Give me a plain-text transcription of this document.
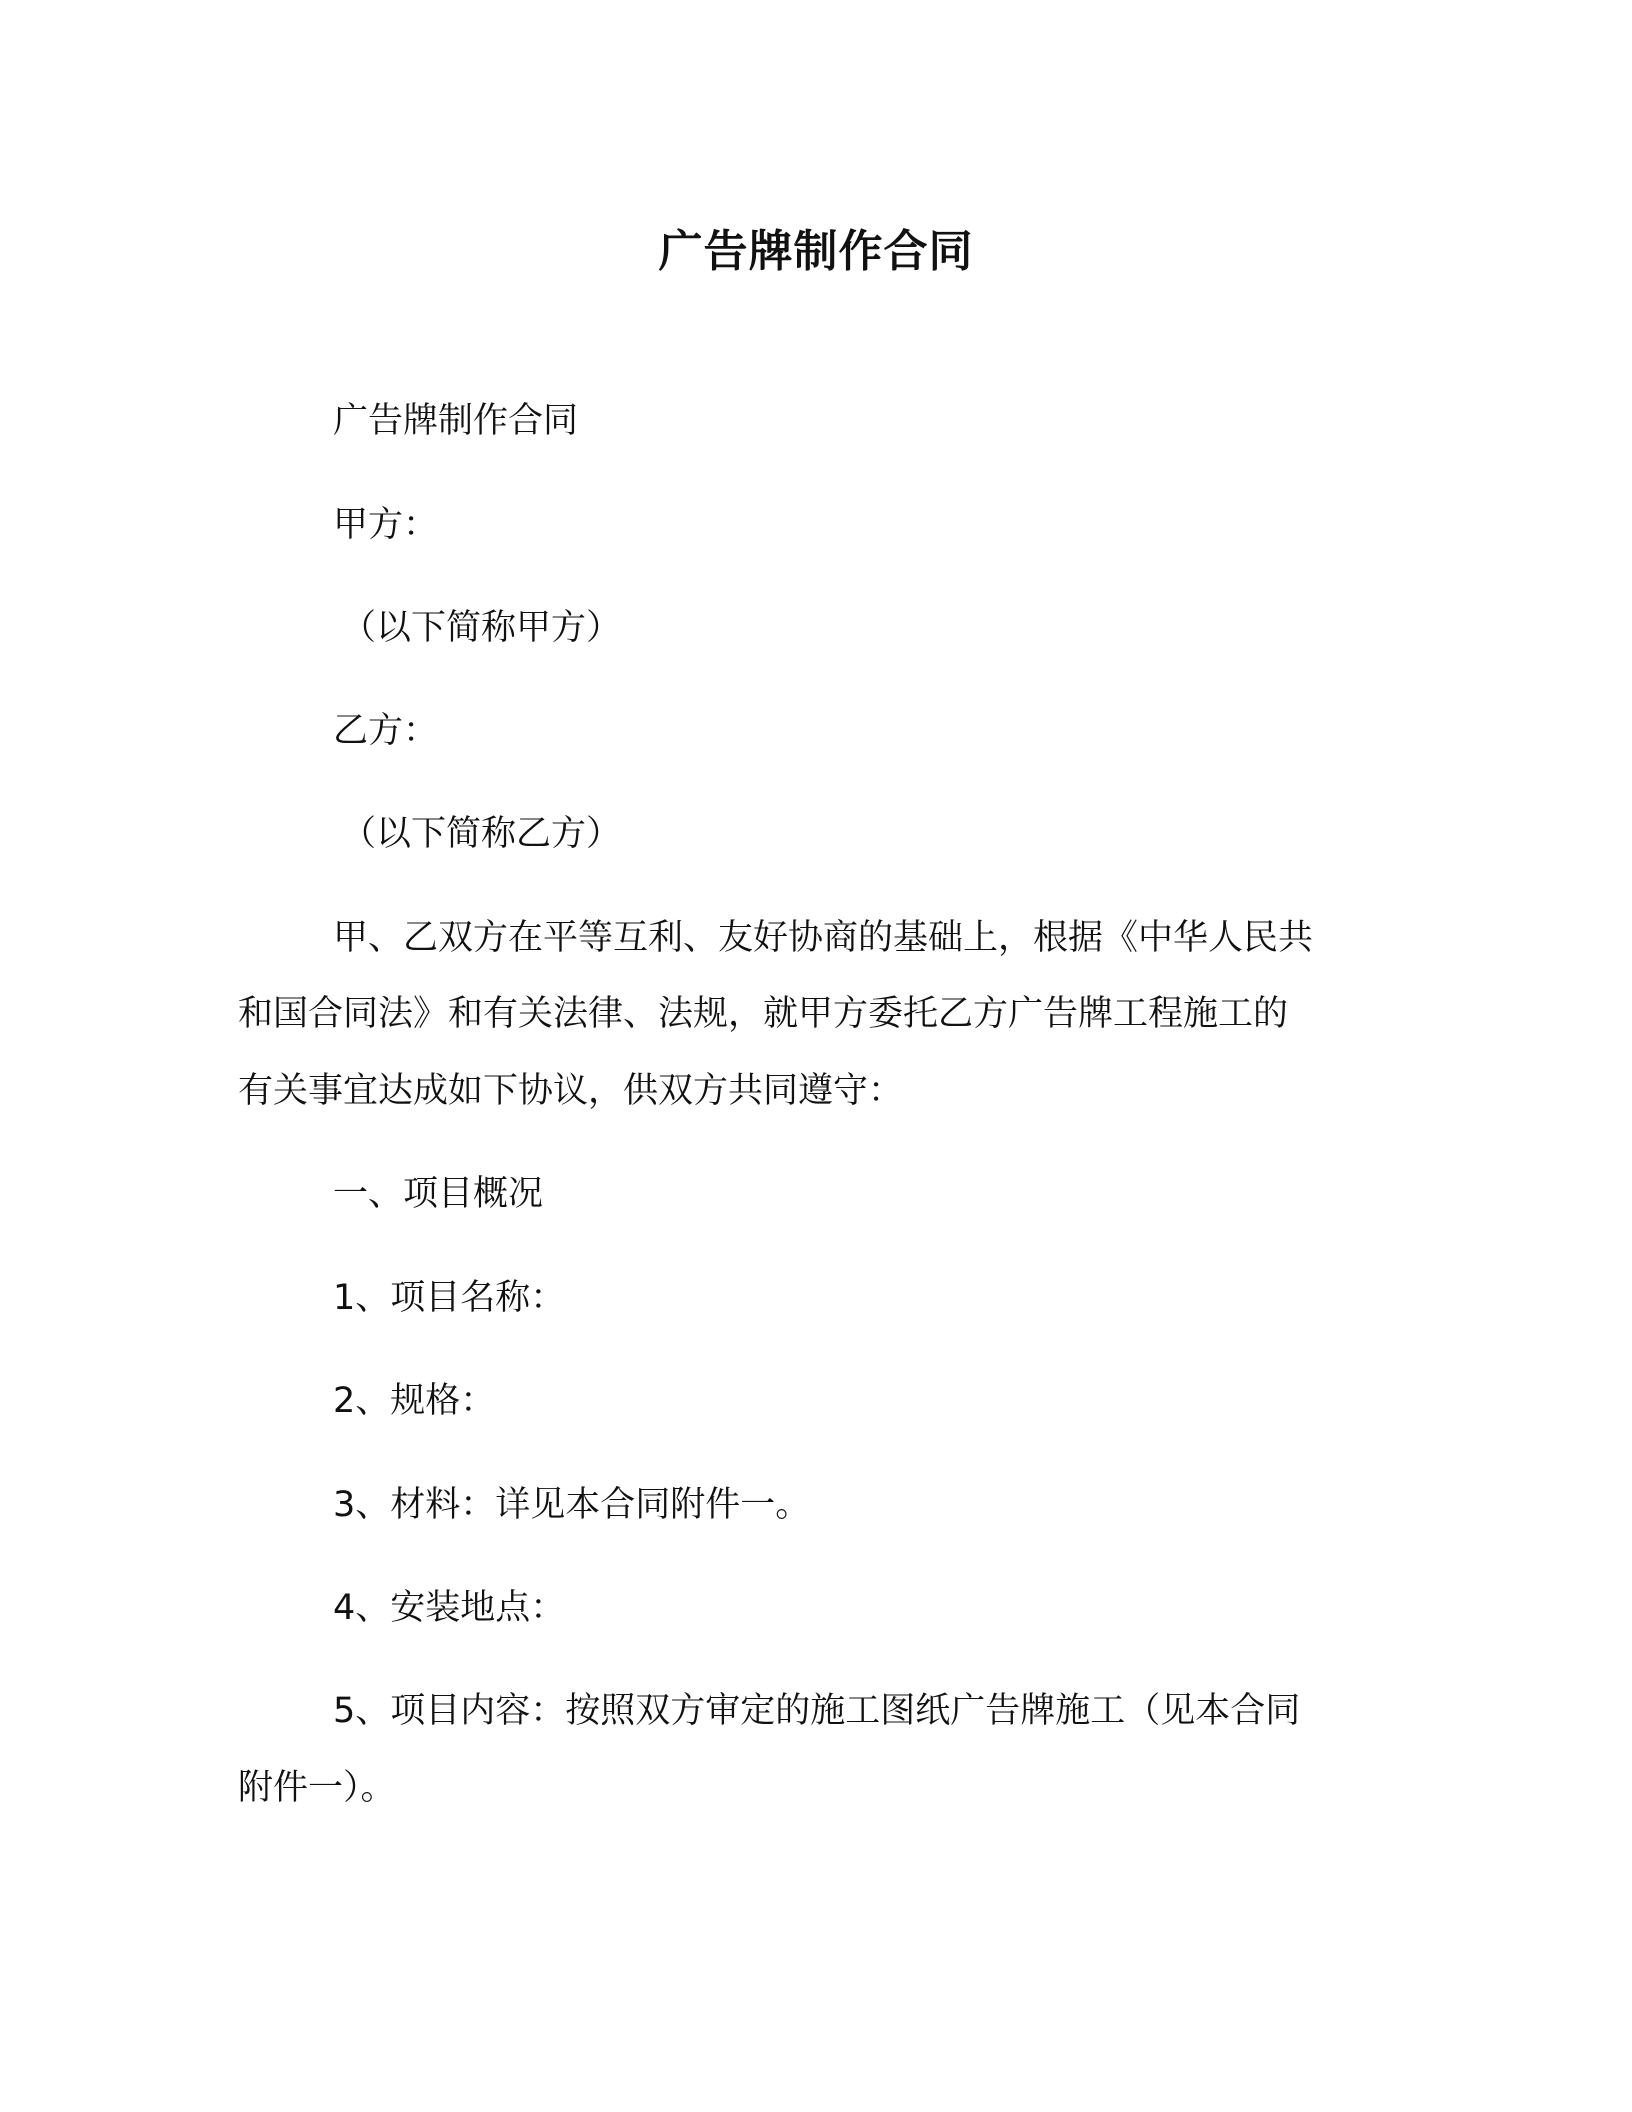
广告牌制作合同
广告牌制作合同
甲方：
（以下简称甲方）
乙方：
（以下简称乙方）
甲、乙双方在平等互利、友好协商的基础上，根据《中华人民共
和国合同法》和有关法律、法规，就甲方委托乙方广告牌工程施工的
有关事宜达成如下协议，供双方共同遵守：
一、项目概况
1、项目名称：
2、规格：
3、材料：详见本合同附件一。
4、安装地点：
5、项目内容：按照双方审定的施工图纸广告牌施工（见本合同
附件一）。
